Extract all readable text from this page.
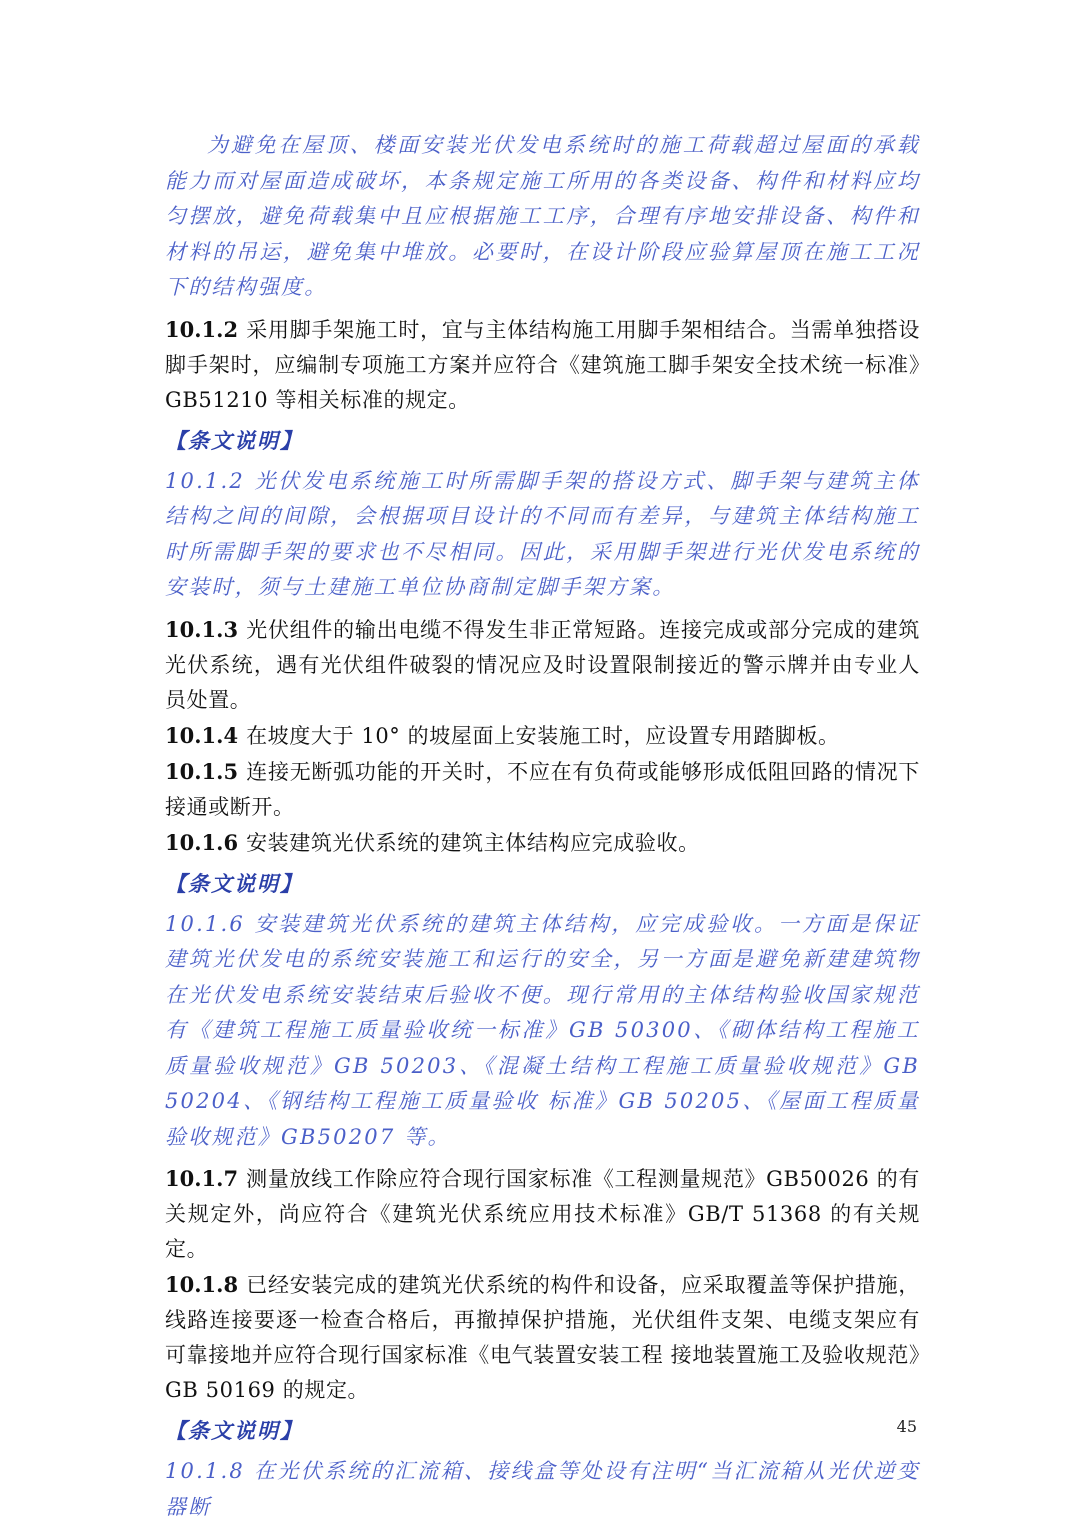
为避免在屋顶、楼面安装光伏发电系统时的施工荷载超过屋面的承载能力而对屋面造成破坏，本条规定施工所用的各类设备、构件和材料应均匀摆放，避免荷载集中且应根据施工工序，合理有序地安排设备、构件和材料的吊运，避免集中堆放。必要时，在设计阶段应验算屋顶在施工工况下的结构强度。

10.1.2 采用脚手架施工时，宜与主体结构施工用脚手架相结合。当需单独搭设脚手架时，应编制专项施工方案并应符合《建筑施工脚手架安全技术统一标准》GB51210 等相关标准的规定。

【条文说明】

10.1.2 光伏发电系统施工时所需脚手架的搭设方式、脚手架与建筑主体结构之间的间隙，会根据项目设计的不同而有差异，与建筑主体结构施工时所需脚手架的要求也不尽相同。因此，采用脚手架进行光伏发电系统的安装时，须与土建施工单位协商制定脚手架方案。

10.1.3 光伏组件的输出电缆不得发生非正常短路。连接完成或部分完成的建筑光伏系统，遇有光伏组件破裂的情况应及时设置限制接近的警示牌并由专业人员处置。

10.1.4 在坡度大于 10° 的坡屋面上安装施工时，应设置专用踏脚板。

10.1.5 连接无断弧功能的开关时，不应在有负荷或能够形成低阻回路的情况下接通或断开。

10.1.6 安装建筑光伏系统的建筑主体结构应完成验收。

【条文说明】

10.1.6 安装建筑光伏系统的建筑主体结构，应完成验收。一方面是保证建筑光伏发电的系统安装施工和运行的安全，另一方面是避免新建建筑物在光伏发电系统安装结束后验收不便。现行常用的主体结构验收国家规范有《建筑工程施工质量验收统一标准》GB 50300、《砌体结构工程施工质量验收规范》GB 50203、《混凝土结构工程施工质量验收规范》GB 50204、《钢结构工程施工质量验收 标准》GB 50205、《屋面工程质量验收规范》GB50207 等。

10.1.7 测量放线工作除应符合现行国家标准《工程测量规范》GB50026 的有关规定外，尚应符合《建筑光伏系统应用技术标准》GB/T 51368 的有关规定。

10.1.8 已经安装完成的建筑光伏系统的构件和设备，应采取覆盖等保护措施，线路连接要逐一检查合格后，再撤掉保护措施，光伏组件支架、电缆支架应有可靠接地并应符合现行国家标准《电气装置安装工程 接地装置施工及验收规范》GB 50169 的规定。

【条文说明】

10.1.8 在光伏系统的汇流箱、接线盒等处设有注明“当汇流箱从光伏逆变器断

45
